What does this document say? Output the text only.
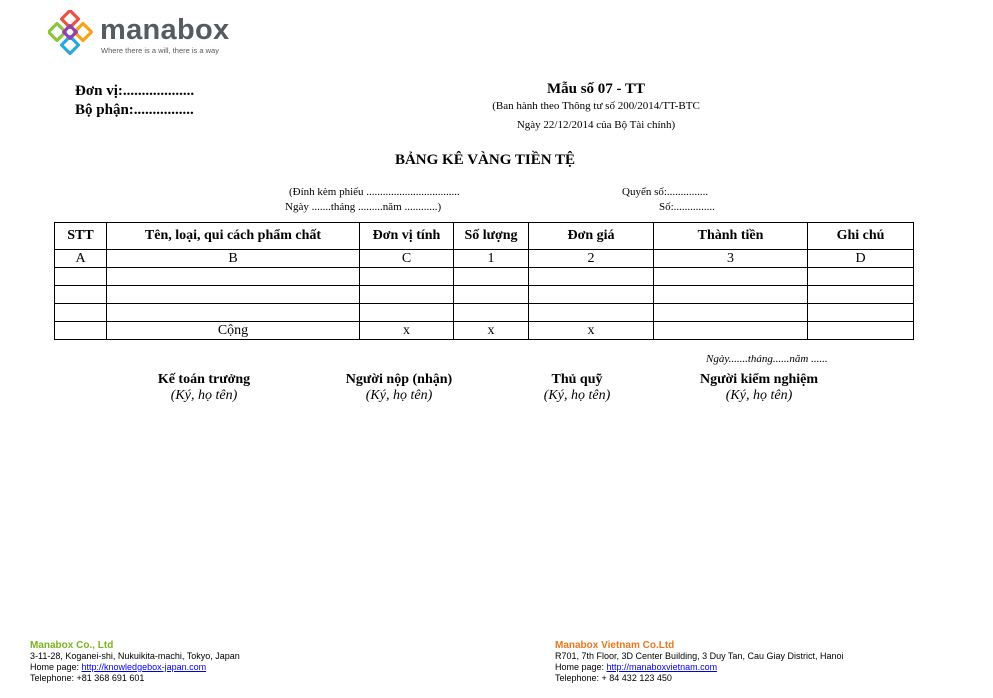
manabox
Where there is a will, there is a way
Đơn vị:...................
Bộ phận:................
Mẫu số 07 - TT
(Ban hành theo Thông tư số 200/2014/TT-BTC
Ngày 22/12/2014 của Bộ Tài chính)
BẢNG KÊ VÀNG TIỀN TỆ
(Đính kèm phiếu ..................................
Ngày .......tháng .........năm ............)
Quyển số:...............
Số:...............
STT	Tên, loại, qui cách phẩm chất	Đơn vị tính	Số lượng	Đơn giá	Thành tiền	Ghi chú
A	B	C	1	2	3	D

	Cộng	x	x	x		
Ngày.......tháng......năm ......
Kế toán trưởng
(Ký, họ tên)
Người nộp (nhận)
(Ký, họ tên)
Thủ quỹ
(Ký, họ tên)
Người kiểm nghiệm
(Ký, họ tên)
Manabox Co., Ltd
3-11-28, Koganei-shi, Nukuikita-machi, Tokyo, Japan
Home page: http://knowledgebox-japan.com
Telephone: +81 368 691 601
Manabox Vietnam Co.Ltd
R701, 7th Floor, 3D Center Building, 3 Duy Tan, Cau Giay District, Hanoi
Home page: http://manaboxvietnam.com
Telephone: + 84 432 123 450
